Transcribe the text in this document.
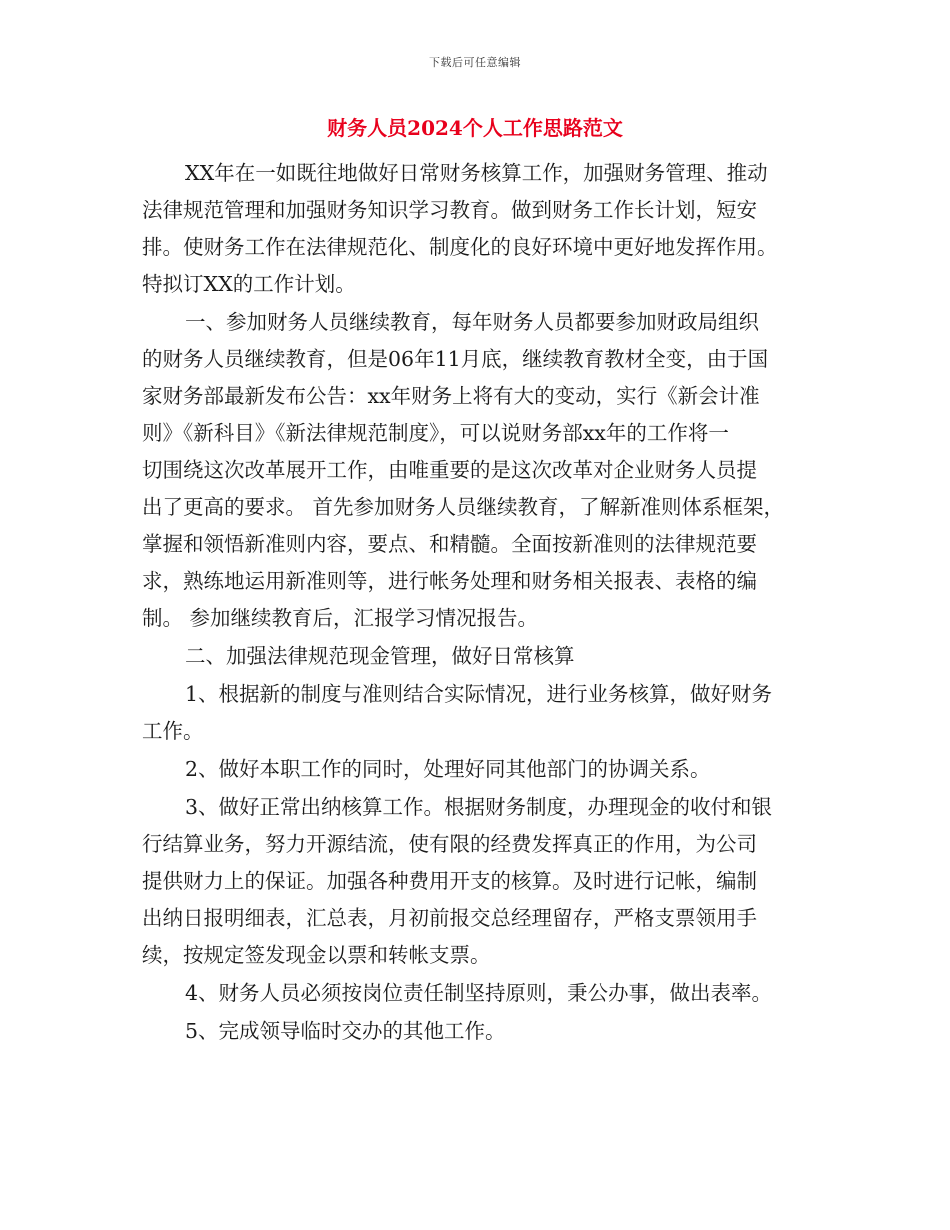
下载后可任意编辑
财务人员2024个人工作思路范文
XX年在一如既往地做好日常财务核算工作，加强财务管理、推动
法律规范管理和加强财务知识学习教育。做到财务工作长计划，短安
排。使财务工作在法律规范化、制度化的良好环境中更好地发挥作用。
特拟订XX的工作计划。
一、参加财务人员继续教育，每年财务人员都要参加财政局组织
的财务人员继续教育，但是06年11月底，继续教育教材全变，由于国
家财务部最新发布公告：xx年财务上将有大的变动，实行《新会计准
则》《新科目》《新法律规范制度》，可以说财务部xx年的工作将一
切围绕这次改革展开工作，由唯重要的是这次改革对企业财务人员提
出了更高的要求。 首先参加财务人员继续教育，了解新准则体系框架，
掌握和领悟新准则内容，要点、和精髓。全面按新准则的法律规范要
求，熟练地运用新准则等，进行帐务处理和财务相关报表、表格的编
制。 参加继续教育后，汇报学习情况报告。
二、加强法律规范现金管理，做好日常核算
1、根据新的制度与准则结合实际情况，进行业务核算，做好财务
工作。
2、做好本职工作的同时，处理好同其他部门的协调关系。
3、做好正常出纳核算工作。根据财务制度，办理现金的收付和银
行结算业务，努力开源结流，使有限的经费发挥真正的作用，为公司
提供财力上的保证。加强各种费用开支的核算。及时进行记帐，编制
出纳日报明细表，汇总表，月初前报交总经理留存，严格支票领用手
续，按规定签发现金以票和转帐支票。
4、财务人员必须按岗位责任制坚持原则，秉公办事，做出表率。
5、完成领导临时交办的其他工作。
